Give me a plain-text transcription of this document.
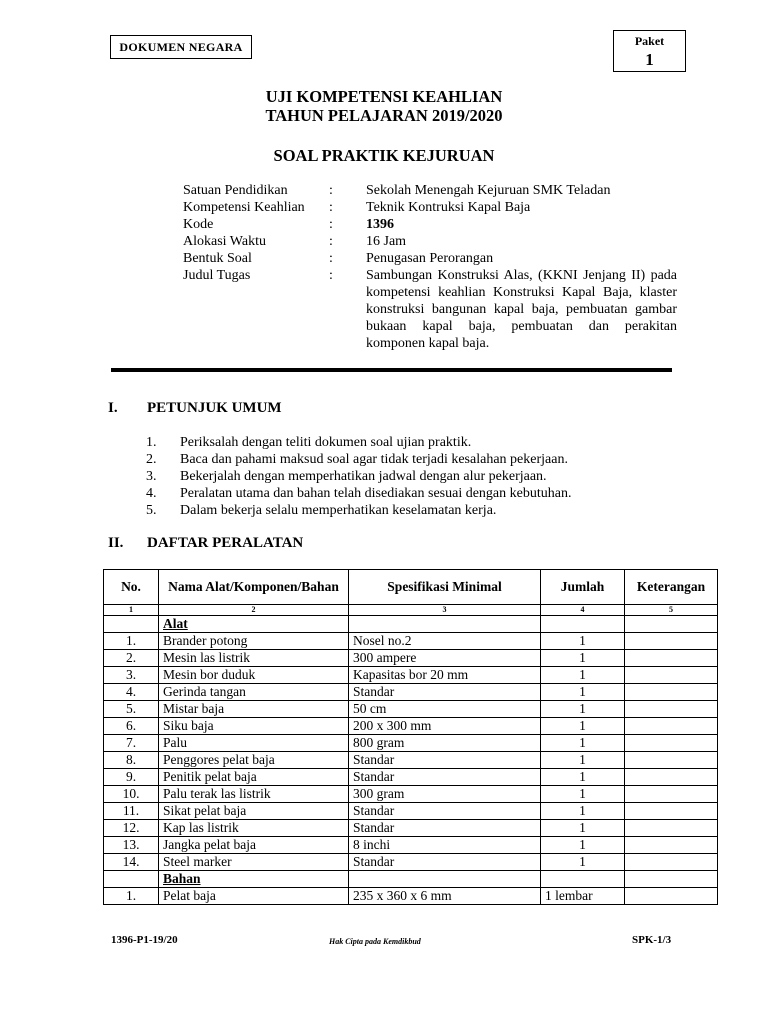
DOKUMEN NEGARA	Paket
1
UJI KOMPETENSI KEAHLIAN
TAHUN PELAJARAN 2019/2020
SOAL PRAKTIK KEJURUAN
Satuan Pendidikan	:	Sekolah Menengah Kejuruan SMK Teladan
Kompetensi Keahlian	:	Teknik Kontruksi Kapal Baja
Kode	:	1396
Alokasi Waktu	:	16 Jam
Bentuk Soal	:	Penugasan Perorangan
Judul Tugas	:	Sambungan Konstruksi Alas, (KKNI Jenjang II) pada kompetensi keahlian Konstruksi Kapal Baja, klaster konstruksi bangunan kapal baja, pembuatan gambar bukaan kapal baja, pembuatan dan perakitan komponen kapal baja.
I.	PETUNJUK UMUM
1.	Periksalah dengan teliti dokumen soal ujian praktik.
2.	Baca dan pahami maksud soal agar tidak terjadi kesalahan pekerjaan.
3.	Bekerjalah dengan memperhatikan jadwal dengan alur pekerjaan.
4.	Peralatan utama dan bahan telah disediakan sesuai dengan kebutuhan.
5.	Dalam bekerja selalu memperhatikan keselamatan kerja.
II.	DAFTAR PERALATAN
No.	Nama Alat/Komponen/Bahan	Spesifikasi Minimal	Jumlah	Keterangan
1	2	3	4	5
	Alat			
1.	Brander potong	Nosel no.2	1	
2.	Mesin las listrik	300 ampere	1	
3.	Mesin bor duduk	Kapasitas bor 20 mm	1	
4.	Gerinda tangan	Standar	1	
5.	Mistar baja	50 cm	1	
6.	Siku baja	200 x 300 mm	1	
7.	Palu	800 gram	1	
8.	Penggores pelat baja	Standar	1	
9.	Penitik pelat baja	Standar	1	
10.	Palu terak las listrik	300 gram	1	
11.	Sikat pelat baja	Standar	1	
12.	Kap las listrik	Standar	1	
13.	Jangka pelat baja	8 inchi	1	
14.	Steel marker	Standar	1	
	Bahan			
1.	Pelat baja	235 x 360 x 6 mm	1 lembar	
1396-P1-19/20	Hak Cipta pada Kemdikbud	SPK-1/3
